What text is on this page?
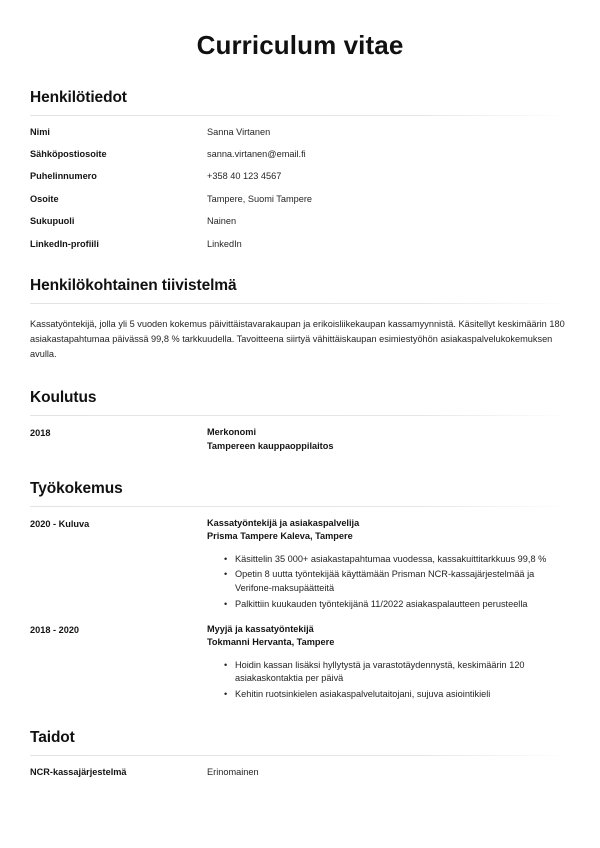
Curriculum vitae
Henkilötiedot
Nimi	Sanna Virtanen
Sähköpostiosoite	sanna.virtanen@email.fi
Puhelinnumero	+358 40 123 4567
Osoite	Tampere, Suomi Tampere
Sukupuoli	Nainen
LinkedIn-profiili	LinkedIn
Henkilökohtainen tiivistelmä

Kassatyöntekijä, jolla yli 5 vuoden kokemus päivittäistavarakaupan ja erikoisliikekaupan kassamyynnistä. Käsitellyt keskimäärin 180 asiakastapahtumaa päivässä 99,8 % tarkkuudella. Tavoitteena siirtyä vähittäiskaupan esimiestyöhön asiakaspalvelukokemuksen avulla.

Koulutus
2018	Merkonomi
Tampereen kauppaoppilaitos
Työkokemus
2020 - Kuluva	Kassatyöntekijä ja asiakaspalvelija
Prisma Tampere Kaleva, Tampere
• Käsittelin 35 000+ asiakastapahtumaa vuodessa, kassakuittitarkkuus 99,8 %
• Opetin 8 uutta työntekijää käyttämään Prisman NCR-kassajärjestelmää ja Verifone-maksupäätteitä
• Palkittiin kuukauden työntekijänä 11/2022 asiakaspalautteen perusteella
2018 - 2020	Myyjä ja kassatyöntekijä
Tokmanni Hervanta, Tampere
• Hoidin kassan lisäksi hyllytystä ja varastotäydennystä, keskimäärin 120 asiakaskontaktia per päivä
• Kehitin ruotsinkielen asiakaspalvelutaitojani, sujuva asiointikieli
Taidot
NCR-kassajärjestelmä	Erinomainen
